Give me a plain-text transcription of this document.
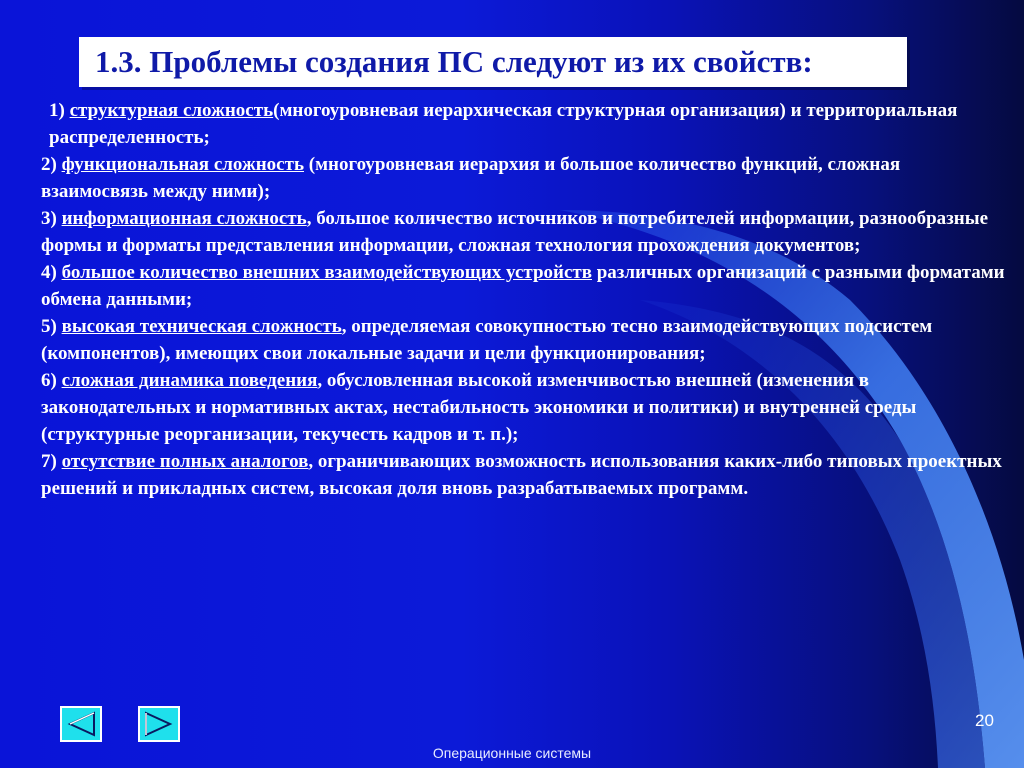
1.3. Проблемы создания ПС следуют из их свойств:

1) структурная сложность(многоуровневая иерархическая структурная организация) и территориальная распределенность;

2) функциональная сложность (многоуровневая иерархия и большое количество функций, сложная взаимосвязь между ними);

3) информационная сложность, большое количество источников и потребителей информации, разнообразные формы и форматы представления информации, сложная технология прохождения документов;

4) большое количество внешних взаимодействующих устройств различных организаций с разными форматами обмена данными;

5) высокая техническая сложность, определяемая совокупностью тесно взаимодействующих подсистем (компонентов), имеющих свои локальные задачи и цели функционирования;

6) сложная динамика поведения, обусловленная высокой изменчивостью внешней (изменения в законодательных и нормативных актах, нестабильность экономики и политики) и внутренней среды (структурные реорганизации, текучесть кадров и т. п.);

7) отсутствие полных аналогов, ограничивающих возможность использования каких-либо типовых проектных решений и прикладных систем, высокая доля вновь разрабатываемых программ.

20
Операционные системы
